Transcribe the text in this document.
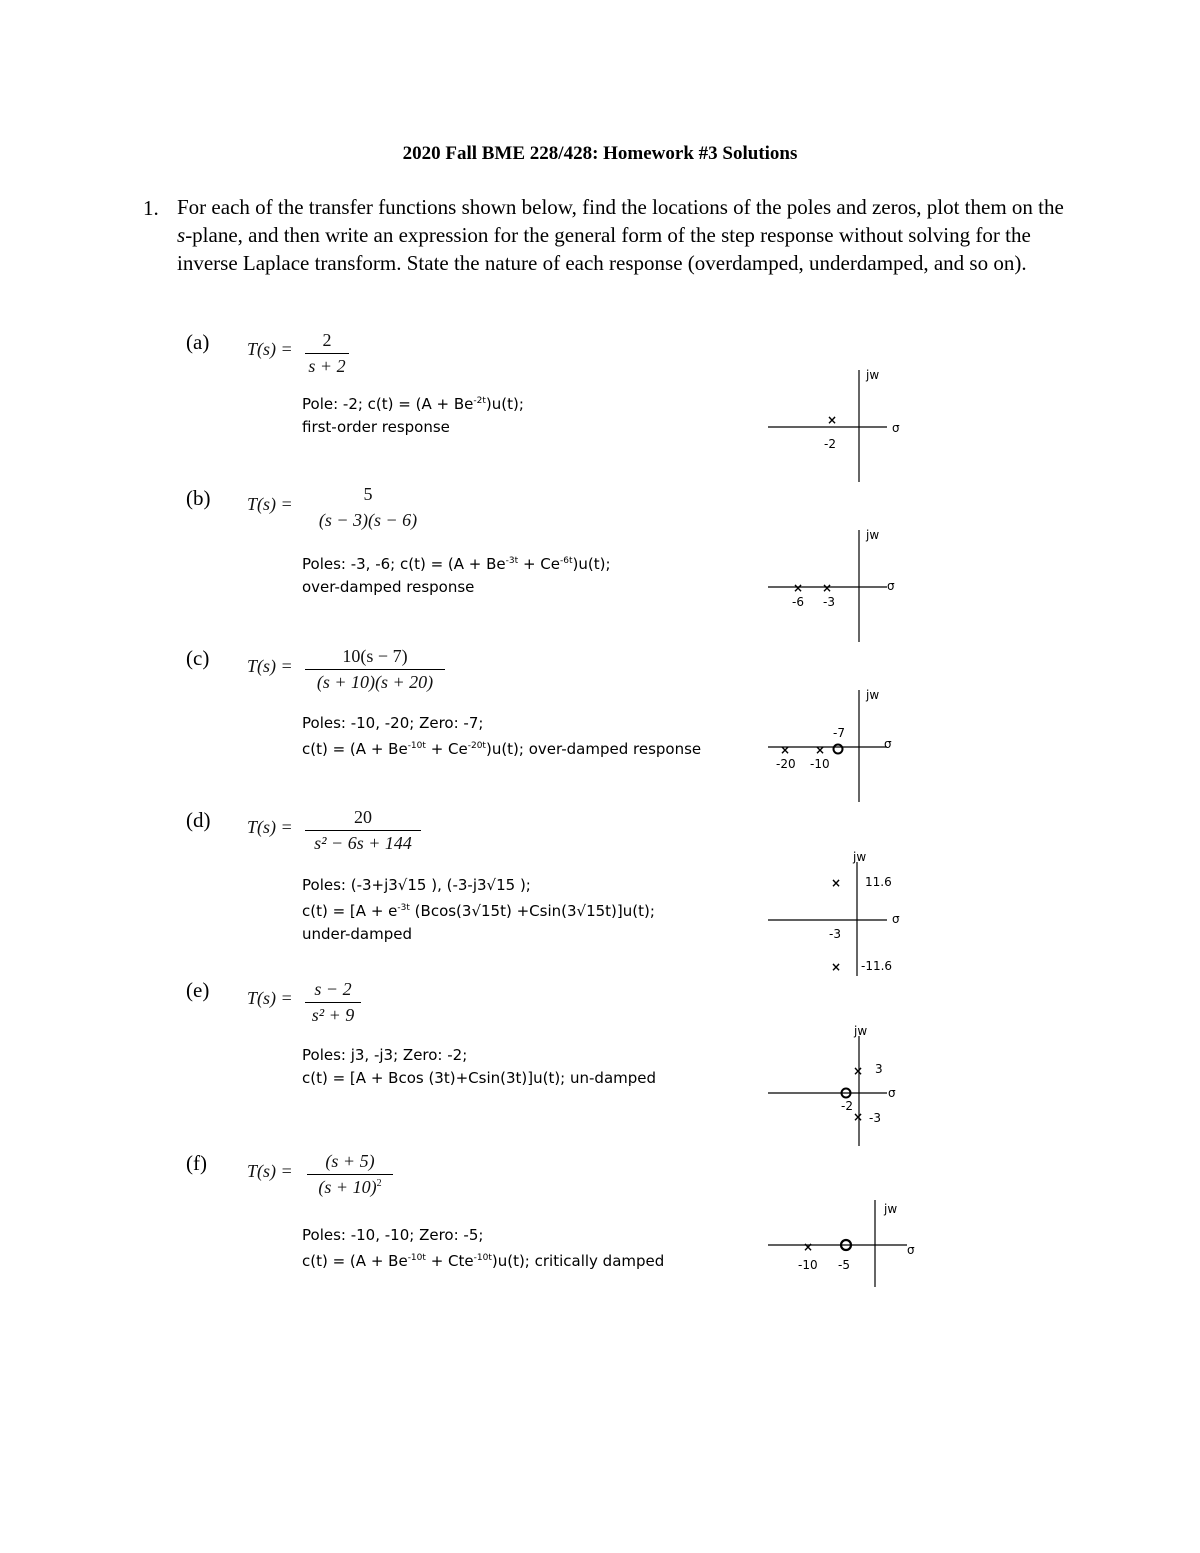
2020 Fall BME 228/428: Homework #3 Solutions
1. For each of the transfer functions shown below, find the locations of the poles and zeros, plot them on the s-plane, and then write an expression for the general form of the step response without solving for the inverse Laplace transform. State the nature of each response (overdamped, underdamped, and so on).
(a) T(s) =	2
s + 2
Pole: -2; $c(t) = (A + Be^{-2t})u(t)$;
first-order response
jw
σ
×
-2
(b) T(s) =	5
(s − 3)(s − 6)
Poles: -3, -6; $c(t) = (A + Be^{-3t} + Ce^{-6t})u(t)$;
over-damped response
jw
σ
× ×
-6 -3
(c) T(s) =	10(s − 7)
(s + 10)(s + 20)
Poles: -10, -20; Zero: -7;
$c(t) = (A + Be^{-10t} + Ce^{-20t})u(t)$; over-damped response
jw
σ
-7
× ×
-20 -10
(d) T(s) =	20
s² − 6s + 144
Poles: (-3+j3√15 ), (-3-j3√15 );
$c(t) = [A + e^{-3t}$ (Bcos(3√15t) +Csin(3√15t)]u(t);
under-damped
jw
σ
× 11.6
-3
× -11.6
(e) T(s) =	s − 2
s² + 9
Poles: j3, -j3; Zero: -2;
c(t) = [A + Bcos (3t)+Csin(3t)]u(t); un-damped
jw
σ
× 3
-2
× -3
(f) T(s) =	(s + 5)
$(s + 10)^2$
Poles: -10, -10; Zero: -5;
$c(t) = (A + Be^{-10t} + Cte^{-10t})u(t)$; critically damped
jw
σ
×
-10 -5
